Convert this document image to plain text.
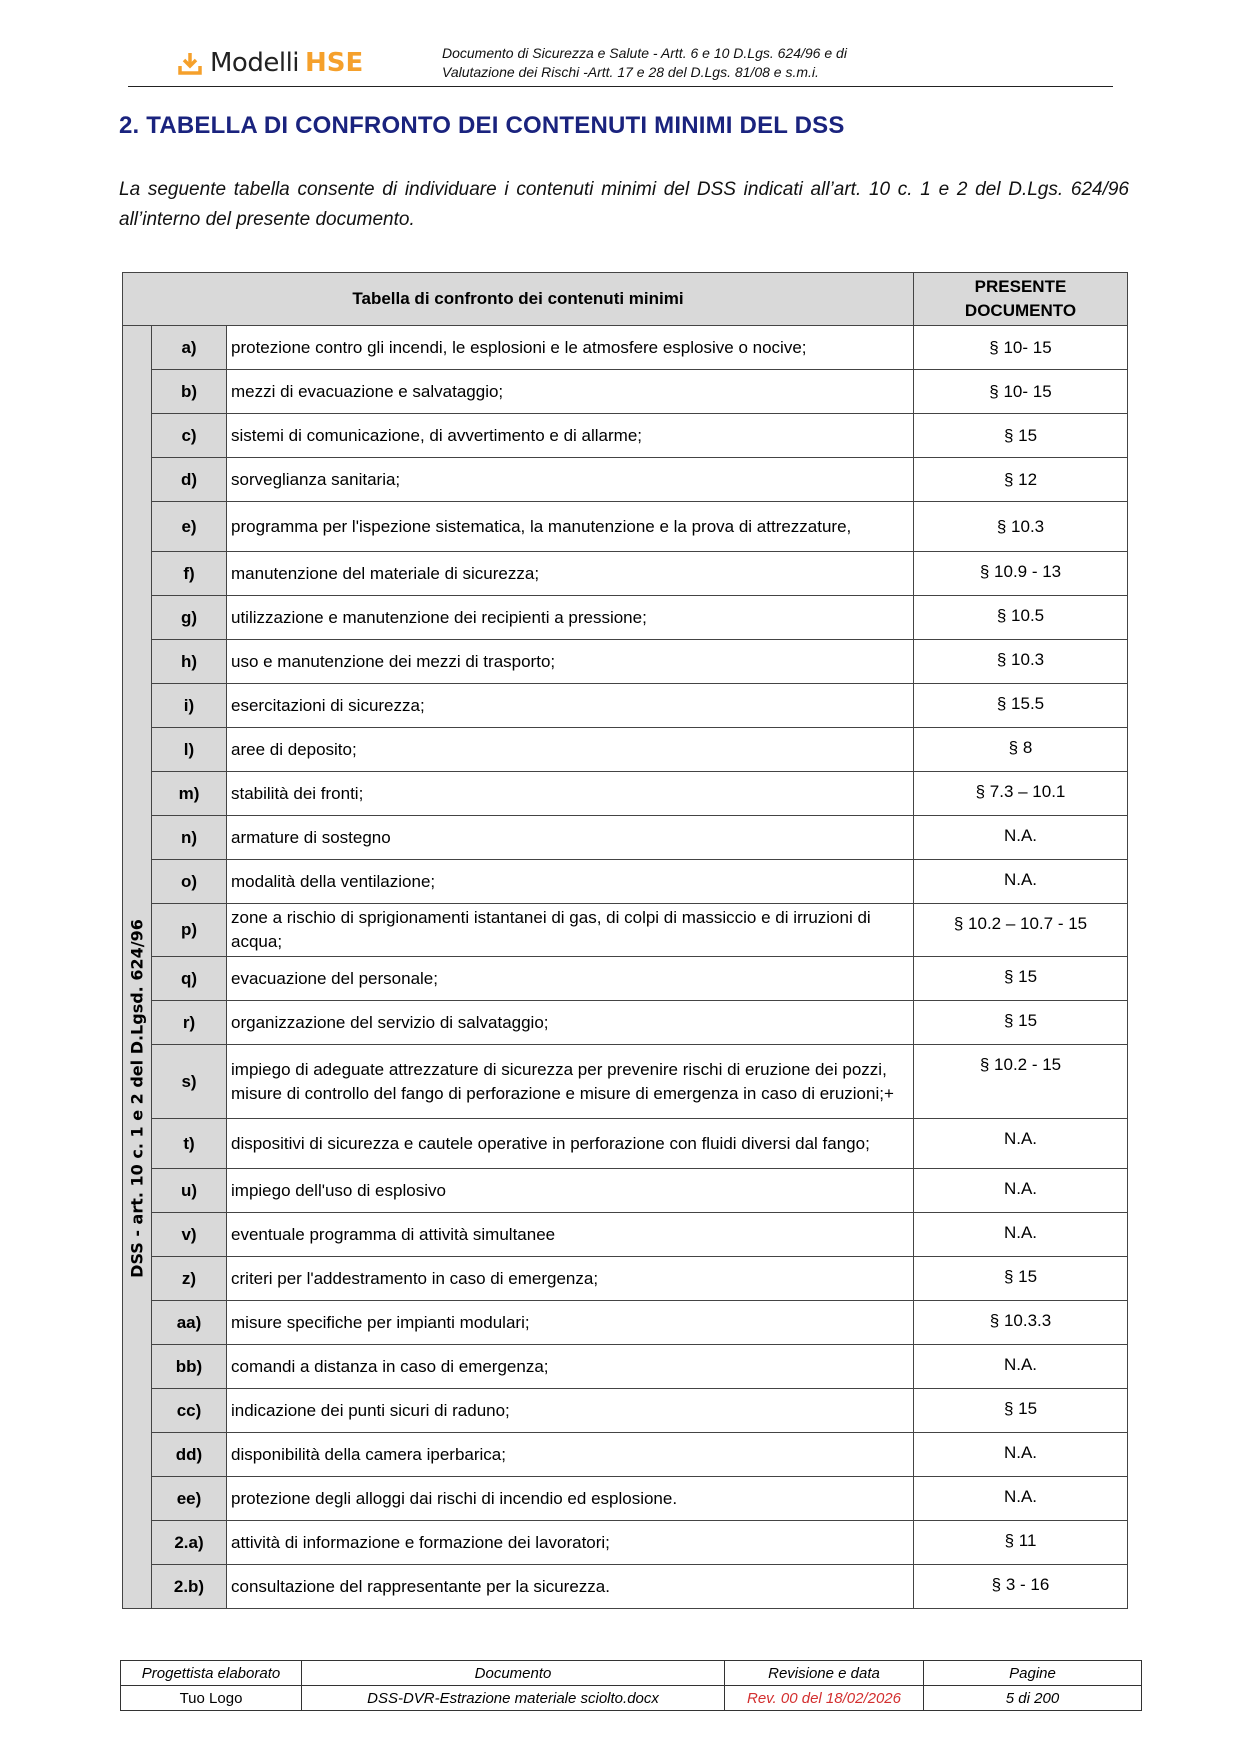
Modelli HSE	Documento di Sicurezza e Salute - Artt. 6 e 10 D.Lgs. 624/96 e di
Valutazione dei Rischi -Artt. 17 e 28 del D.Lgs. 81/08 e s.m.i.
2. TABELLA DI CONFRONTO DEI CONTENUTI MINIMI DEL DSS
La seguente tabella consente di individuare i contenuti minimi del DSS indicati all’art. 10 c. 1 e 2 del D.Lgs. 624/96 all’interno del presente documento.
Tabella di confronto dei contenuti minimi			PRESENTE DOCUMENTO

DSS - art. 10 c. 1 e 2 del D.Lgsd. 624/96	a)	protezione contro gli incendi, le esplosioni e le atmosfere esplosive o nocive;	§ 10- 15
	b)	mezzi di evacuazione e salvataggio;	§ 10- 15
	c)	sistemi di comunicazione, di avvertimento e di allarme;	§ 15
	d)	sorveglianza sanitaria;	§ 12
	e)	programma per l'ispezione sistematica, la manutenzione e la prova di attrezzature,	§ 10.3
	f)	manutenzione del materiale di sicurezza;	§ 10.9 - 13
	g)	utilizzazione e manutenzione dei recipienti a pressione;	§ 10.5
	h)	uso e manutenzione dei mezzi di trasporto;	§ 10.3
	i)	esercitazioni di sicurezza;	§ 15.5
	l)	aree di deposito;	§ 8
	m)	stabilità dei fronti;	§ 7.3 – 10.1
	n)	armature di sostegno	N.A.
	o)	modalità della ventilazione;	N.A.
	p)	zone a rischio di sprigionamenti istantanei di gas, di colpi di massiccio e di irruzioni di acqua;	§ 10.2 – 10.7 - 15
	q)	evacuazione del personale;	§ 15
	r)	organizzazione del servizio di salvataggio;	§ 15
	s)	impiego di adeguate attrezzature di sicurezza per prevenire rischi di eruzione dei pozzi, misure di controllo del fango di perforazione e misure di emergenza in caso di eruzioni;+	§ 10.2 - 15
	t)	dispositivi di sicurezza e cautele operative in perforazione con fluidi diversi dal fango;	N.A.
	u)	impiego dell'uso di esplosivo	N.A.
	v)	eventuale programma di attività simultanee	N.A.
	z)	criteri per l'addestramento in caso di emergenza;	§ 15
	aa)	misure specifiche per impianti modulari;	§ 10.3.3
	bb)	comandi a distanza in caso di emergenza;	N.A.
	cc)	indicazione dei punti sicuri di raduno;	§ 15
	dd)	disponibilità della camera iperbarica;	N.A.
	ee)	protezione degli alloggi dai rischi di incendio ed esplosione.	N.A.
	2.a)	attività di informazione e formazione dei lavoratori;	§ 11
	2.b)	consultazione del rappresentante per la sicurezza.	§ 3 - 16
Progettista elaborato	Documento	Revisione e data	Pagine
Tuo Logo	DSS-DVR-Estrazione materiale sciolto.docx	Rev. 00 del 18/02/2026	5 di 200
